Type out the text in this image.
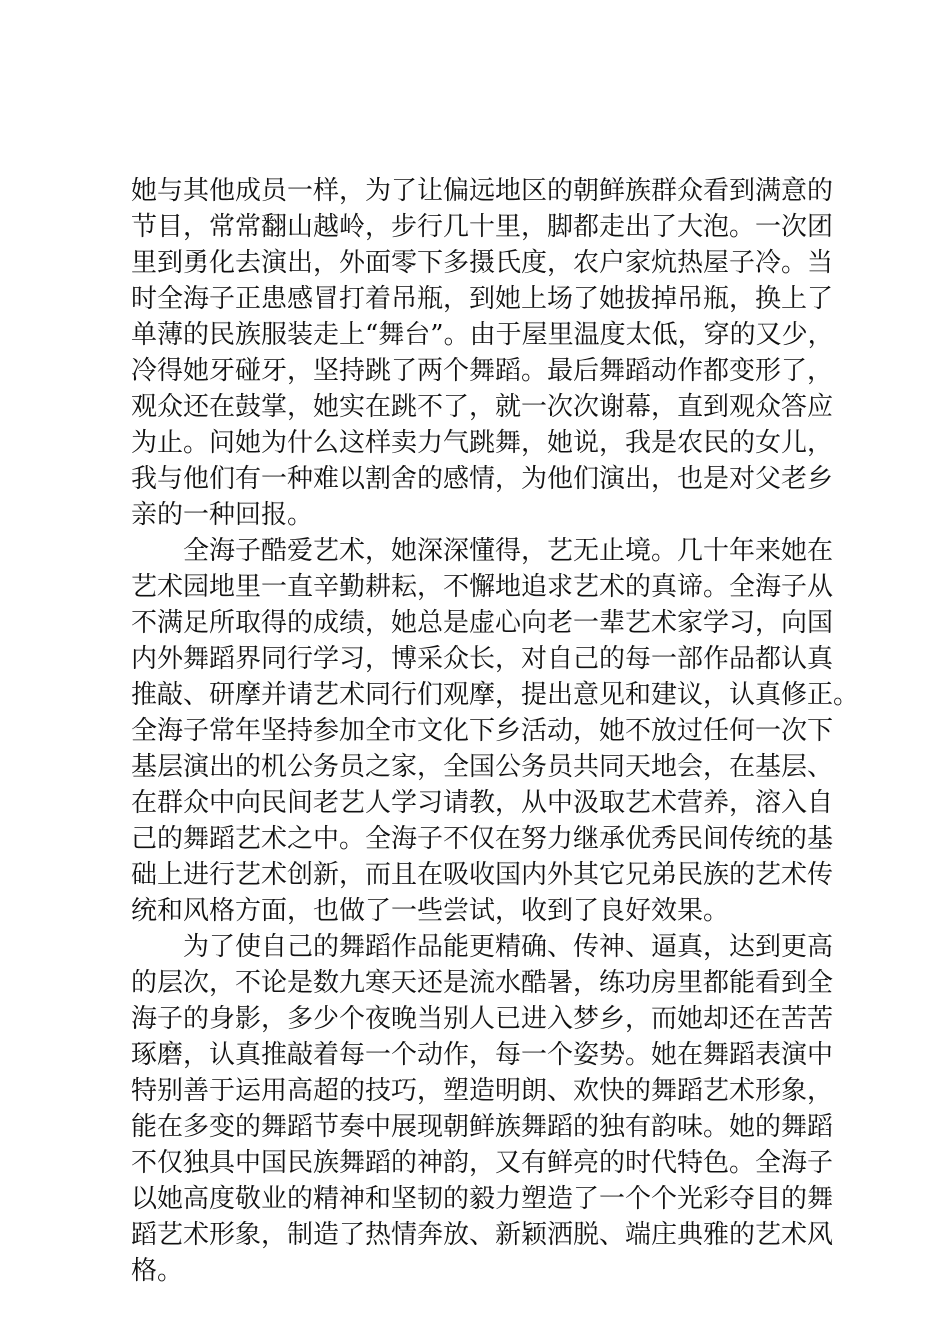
她与其他成员一样，为了让偏远地区的朝鲜族群众看到满意的
节目，常常翻山越岭，步行几十里，脚都走出了大泡。一次团
里到勇化去演出，外面零下多摄氏度，农户家炕热屋子冷。当
时全海子正患感冒打着吊瓶，到她上场了她拔掉吊瓶，换上了
单薄的民族服装走上“舞台”。由于屋里温度太低，穿的又少，
冷得她牙碰牙，坚持跳了两个舞蹈。最后舞蹈动作都变形了，
观众还在鼓掌，她实在跳不了，就一次次谢幕，直到观众答应
为止。问她为什么这样卖力气跳舞，她说，我是农民的女儿，
我与他们有一种难以割舍的感情，为他们演出，也是对父老乡
亲的一种回报。
全海子酷爱艺术，她深深懂得，艺无止境。几十年来她在
艺术园地里一直辛勤耕耘，不懈地追求艺术的真谛。全海子从
不满足所取得的成绩，她总是虚心向老一辈艺术家学习，向国
内外舞蹈界同行学习，博采众长，对自己的每一部作品都认真
推敲、研摩并请艺术同行们观摩，提出意见和建议，认真修正。
全海子常年坚持参加全市文化下乡活动，她不放过任何一次下
基层演出的机公务员之家，全国公务员共同天地会，在基层、
在群众中向民间老艺人学习请教，从中汲取艺术营养，溶入自
己的舞蹈艺术之中。全海子不仅在努力继承优秀民间传统的基
础上进行艺术创新，而且在吸收国内外其它兄弟民族的艺术传
统和风格方面，也做了一些尝试，收到了良好效果。
为了使自己的舞蹈作品能更精确、传神、逼真，达到更高
的层次，不论是数九寒天还是流水酷暑，练功房里都能看到全
海子的身影，多少个夜晚当别人已进入梦乡，而她却还在苦苦
琢磨，认真推敲着每一个动作，每一个姿势。她在舞蹈表演中
特别善于运用高超的技巧，塑造明朗、欢快的舞蹈艺术形象，
能在多变的舞蹈节奏中展现朝鲜族舞蹈的独有韵味。她的舞蹈
不仅独具中国民族舞蹈的神韵，又有鲜亮的时代特色。全海子
以她高度敬业的精神和坚韧的毅力塑造了一个个光彩夺目的舞
蹈艺术形象，制造了热情奔放、新颖洒脱、端庄典雅的艺术风
格。
